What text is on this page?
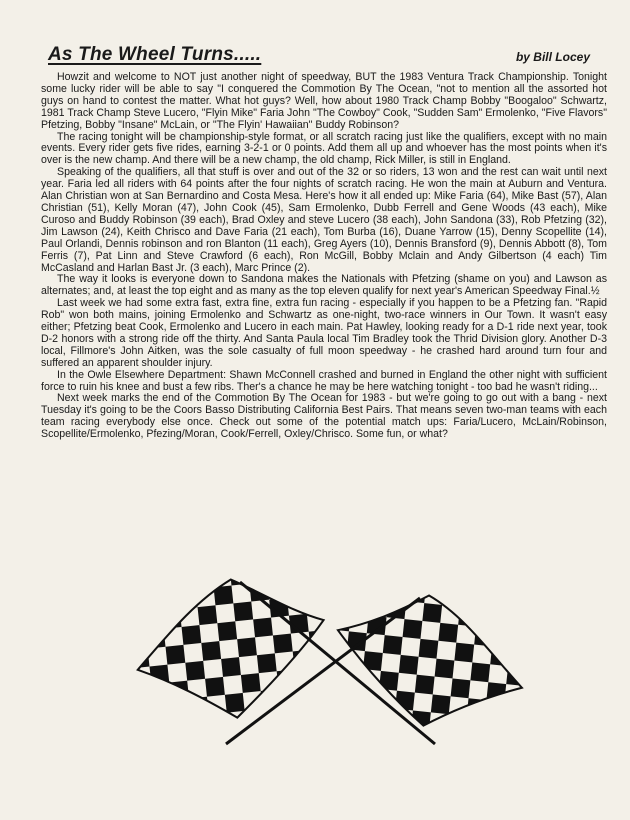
As The Wheel Turns.....	by Bill Locey

Howzit and welcome to NOT just another night of speedway, BUT the 1983 Ventura Track Championship. Tonight some lucky rider will be able to say "I conquered the Commotion By The Ocean, "not to mention all the assorted hot guys on hand to contest the matter. What hot guys? Well, how about 1980 Track Champ Bobby "Boogaloo" Schwartz, 1981 Track Champ Steve Lucero, "Flyin Mike" Faria John "The Cowboy" Cook, "Sudden Sam" Ermolenko, "Five Flavors" Pfetzing, Bobby "Insane" McLain, or "The Flyin' Hawaiian" Buddy Robinson?

The racing tonight will be championship-style format, or all scratch racing just like the qualifiers, except with no main events. Every rider gets five rides, earning 3-2-1 or 0 points. Add them all up and whoever has the most points when it's over is the new champ. And there will be a new champ, the old champ, Rick Miller, is still in England.

Speaking of the qualifiers, all that stuff is over and out of the 32 or so riders, 13 won and the rest can wait until next year. Faria led all riders with 64 points after the four nights of scratch racing. He won the main at Auburn and Ventura. Alan Christian won at San Bernardino and Costa Mesa. Here's how it all ended up: Mike Faria (64), Mike Bast (57), Alan Christian (51), Kelly Moran (47), John Cook (45), Sam Ermolenko, Dubb Ferrell and Gene Woods (43 each), Mike Curoso and Buddy Robinson (39 each), Brad Oxley and steve Lucero (38 each), John Sandona (33), Rob Pfetzing (32), Jim Lawson (24), Keith Chrisco and Dave Faria (21 each), Tom Burba (16), Duane Yarrow (15), Denny Scopellite (14), Paul Orlandi, Dennis robinson and ron Blanton (11 each), Greg Ayers (10), Dennis Bransford (9), Dennis Abbott (8), Tom Ferris (7), Pat Linn and Steve Crawford (6 each), Ron McGill, Bobby Mclain and Andy Gilbertson (4 each) Tim McCasland and Harlan Bast Jr. (3 each), Marc Prince (2).

The way it looks is everyone down to Sandona makes the Nationals with Pfetzing (shame on you) and Lawson as alternates; and, at least the top eight and as many as the top eleven qualify for next year's American Speedway Final.½

Last week we had some extra fast, extra fine, extra fun racing - especially if you happen to be a Pfetzing fan. "Rapid Rob" won both mains, joining Ermolenko and Schwartz as one-night, two-race winners in Our Town. It wasn't easy either; Pfetzing beat Cook, Ermolenko and Lucero in each main. Pat Hawley, looking ready for a D-1 ride next year, took D-2 honors with a strong ride off the thirty. And Santa Paula local Tim Bradley took the Thrid Division glory. Another D-3 local, Fillmore's John Aitken, was the sole casualty of full moon speedway - he crashed hard around turn four and suffered an apparent shoulder injury.

In the Owle Elsewhere Department: Shawn McConnell crashed and burned in England the other night with sufficient force to ruin his knee and bust a few ribs. Ther's a chance he may be here watching tonight - too bad he wasn't riding...

Next week marks the end of the Commotion By The Ocean for 1983 - but we're going to go out with a bang - next Tuesday it's going to be the Coors Basso Distributing California Best Pairs. That means seven two-man teams with each team racing everybody else once. Check out some of the potential match ups: Faria/Lucero, McLain/Robinson, Scopellite/Ermolenko, Pfezing/Moran, Cook/Ferrell, Oxley/Chrisco. Some fun, or what?
